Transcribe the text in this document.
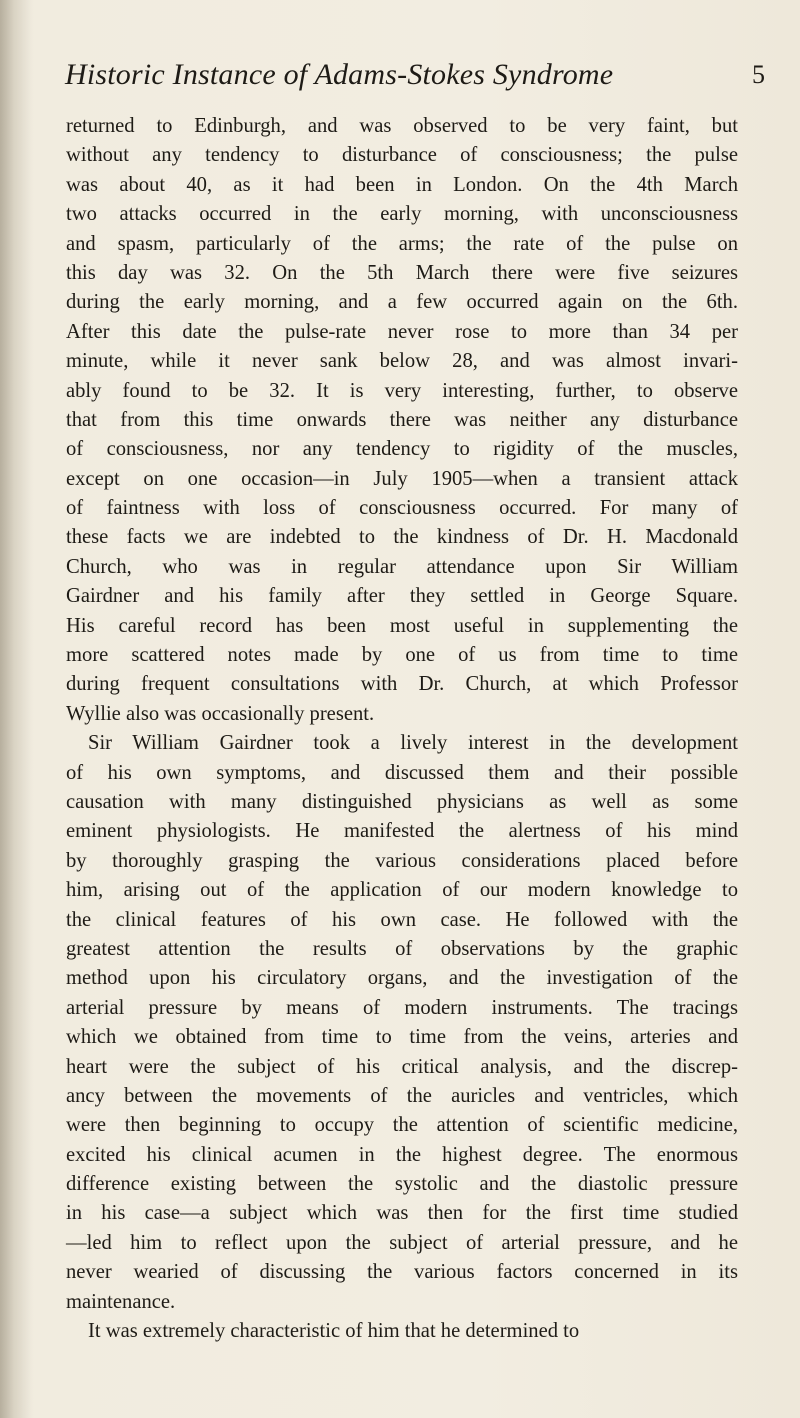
Historic Instance of Adams-Stokes Syndrome	5
returned to Edinburgh, and was observed to be very faint, but
without any tendency to disturbance of consciousness; the pulse
was about 40, as it had been in London. On the 4th March
two attacks occurred in the early morning, with unconsciousness
and spasm, particularly of the arms; the rate of the pulse on
this day was 32. On the 5th March there were five seizures
during the early morning, and a few occurred again on the 6th.
After this date the pulse-rate never rose to more than 34 per
minute, while it never sank below 28, and was almost invari-
ably found to be 32. It is very interesting, further, to observe
that from this time onwards there was neither any disturbance
of consciousness, nor any tendency to rigidity of the muscles,
except on one occasion—in July 1905—when a transient attack
of faintness with loss of consciousness occurred. For many of
these facts we are indebted to the kindness of Dr. H. Macdonald
Church, who was in regular attendance upon Sir William
Gairdner and his family after they settled in George Square.
His careful record has been most useful in supplementing the
more scattered notes made by one of us from time to time
during frequent consultations with Dr. Church, at which Professor
Wyllie also was occasionally present.
Sir William Gairdner took a lively interest in the development
of his own symptoms, and discussed them and their possible
causation with many distinguished physicians as well as some
eminent physiologists. He manifested the alertness of his mind
by thoroughly grasping the various considerations placed before
him, arising out of the application of our modern knowledge to
the clinical features of his own case. He followed with the
greatest attention the results of observations by the graphic
method upon his circulatory organs, and the investigation of the
arterial pressure by means of modern instruments. The tracings
which we obtained from time to time from the veins, arteries and
heart were the subject of his critical analysis, and the discrep-
ancy between the movements of the auricles and ventricles, which
were then beginning to occupy the attention of scientific medicine,
excited his clinical acumen in the highest degree. The enormous
difference existing between the systolic and the diastolic pressure
in his case—a subject which was then for the first time studied
—led him to reflect upon the subject of arterial pressure, and he
never wearied of discussing the various factors concerned in its
maintenance.
It was extremely characteristic of him that he determined to
